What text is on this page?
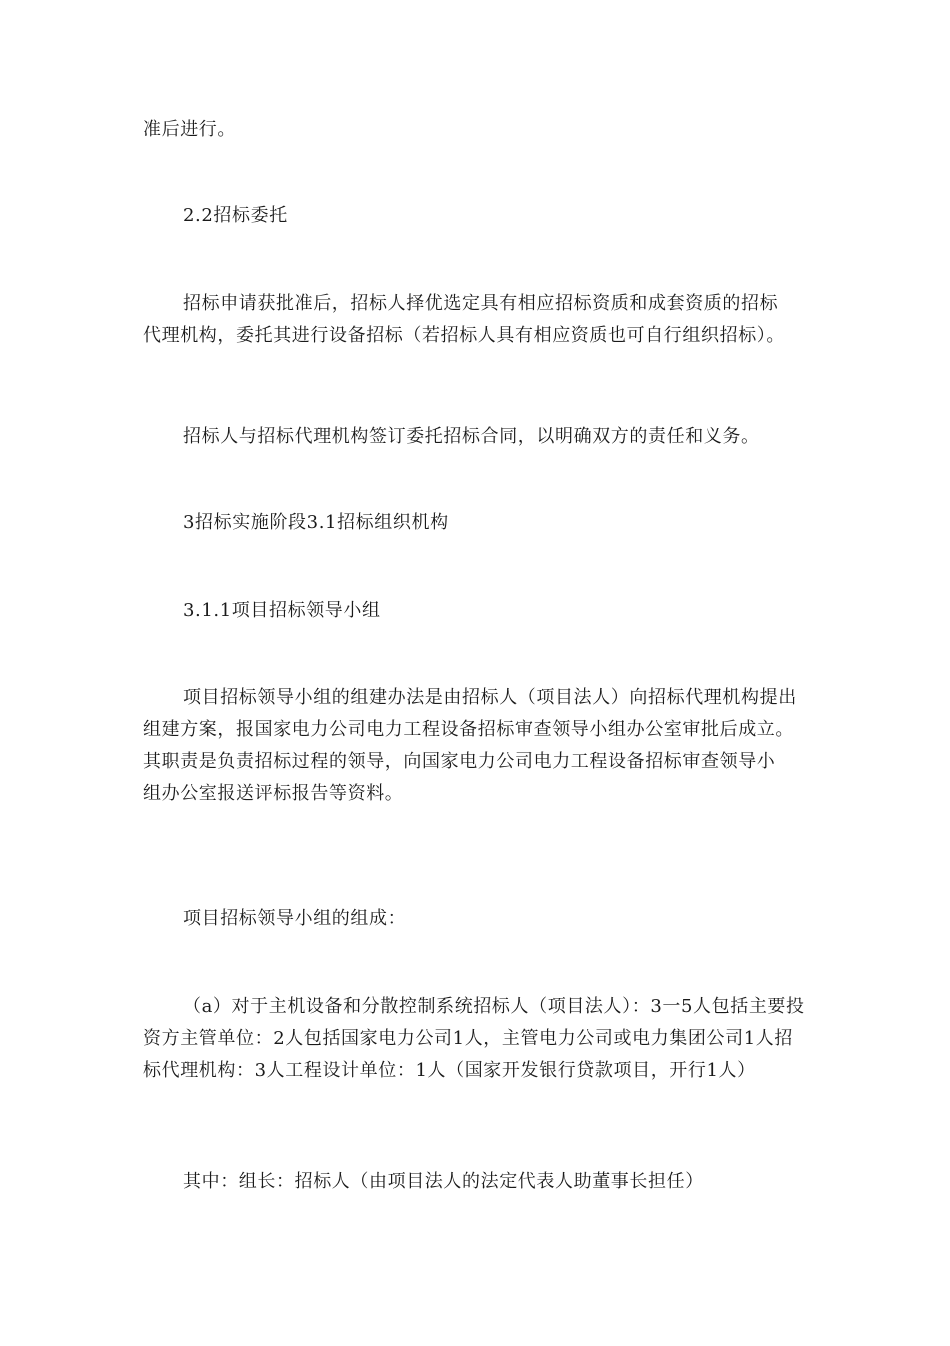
准后进行。

2.2招标委托

招标申请获批准后，招标人择优选定具有相应招标资质和成套资质的招标
代理机构，委托其进行设备招标（若招标人具有相应资质也可自行组织招标）。

招标人与招标代理机构签订委托招标合同，以明确双方的责任和义务。

3招标实施阶段3.1招标组织机构

3.1.1项目招标领导小组

项目招标领导小组的组建办法是由招标人（项目法人）向招标代理机构提出
组建方案，报国家电力公司电力工程设备招标审查领导小组办公室审批后成立。
其职责是负责招标过程的领导，向国家电力公司电力工程设备招标审查领导小
组办公室报送评标报告等资料。

项目招标领导小组的组成：

（a）对于主机设备和分散控制系统招标人（项目法人）：3一5人包括主要投
资方主管单位：2人包括国家电力公司1人，主管电力公司或电力集团公司1人招
标代理机构：3人工程设计单位：1人（国家开发银行贷款项目，开行1人）

其中：组长：招标人（由项目法人的法定代表人助董事长担任）
